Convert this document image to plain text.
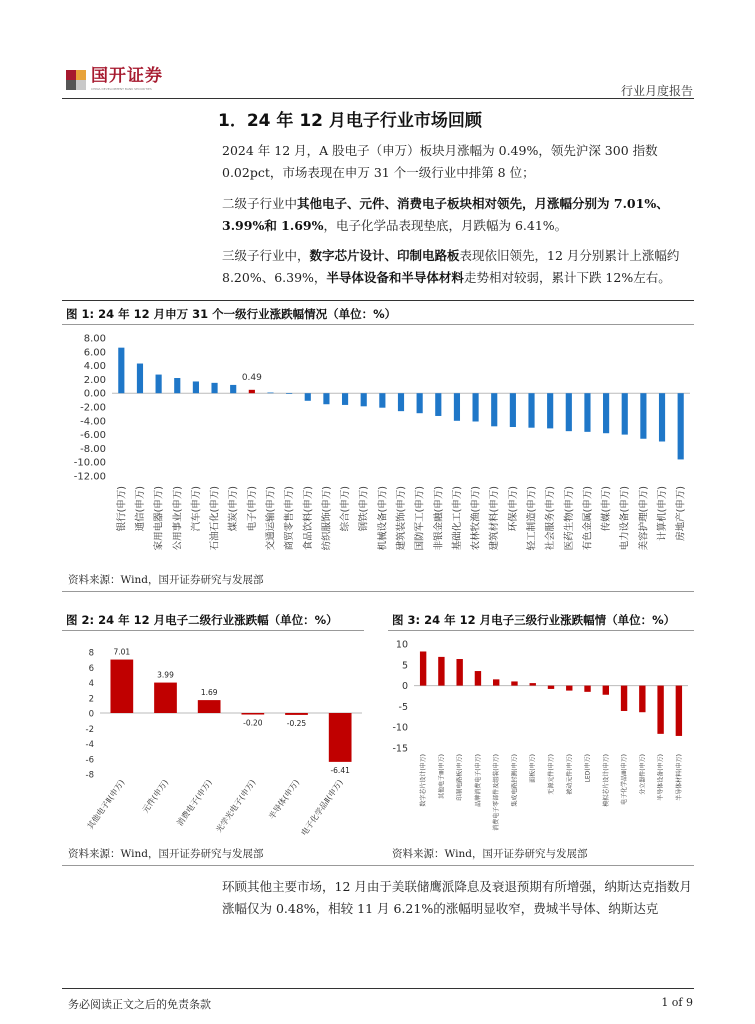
国开证券
CHINA DEVELOPMENT BANK SECURITIES	行业月度报告
1．24 年 12 月电子行业市场回顾
2024 年 12 月，A 股电子（申万）板块月涨幅为 0.49%，领先沪深 300 指数 0.02pct，市场表现在申万 31 个一级行业中排第 8 位；
二级子行业中其他电子、元件、消费电子板块相对领先，月涨幅分别为 7.01%、3.99%和 1.69%，电子化学品表现垫底，月跌幅为 6.41%。
三级子行业中，数字芯片设计、印制电路板表现依旧领先，12 月分别累计上涨幅约 8.20%、6.39%，半导体设备和半导体材料走势相对较弱，累计下跌 12%左右。
图 1: 24 年 12 月申万 31 个一级行业涨跌幅情况（单位：%）
8.00
6.00
4.00
2.00
0.00
-2.00
-4.00
-6.00
-8.00
-10.00
-12.00
银行(申万) 通信(申万) 家用电器(申万) 公用事业(申万) 汽车(申万) 石油石化(申万) 煤炭(申万)
0.49
电子(申万) 交通运输(申万) 商贸零售(申万) 食品饮料(申万) 纺织服饰(申万) 综合(申万) 钢铁(申万) 机械设备(申万) 建筑装饰(申万) 国防军工(申万) 非银金融(申万) 基础化工(申万) 农林牧渔(申万) 建筑材料(申万) 环保(申万) 轻工制造(申万) 社会服务(申万) 医药生物(申万) 有色金属(申万) 传媒(申万) 电力设备(申万) 美容护理(申万) 计算机(申万) 房地产(申万)
资料来源：Wind，国开证券研究与发展部
图 2: 24 年 12 月电子二级行业涨跌幅（单位：%）
8
6
4
2
0
-2
-4
-6
-8
7.01
其他电子Ⅱ(申万)
3.99
元件(申万)
1.69
消费电子(申万)
-0.20
光学光电子(申万)
-0.25
半导体(申万)
-6.41
电子化学品Ⅱ(申万)
资料来源：Wind，国开证券研究与发展部
图 3: 24 年 12 月电子三级行业涨跌幅情（单位：%）
10
5
0
-5
-10
-15
数字芯片设计(申万) 其他电子Ⅲ(申万) 印制电路板(申万) 品牌消费电子(申万) 消费电子零部件及组装(申万) 集成电路封测(申万) 面板(申万) 无源元件(申万) 被动元件(申万) LED(申万) 模拟芯片设计(申万) 电子化学品Ⅲ(申万) 分立器件(申万) 半导体设备(申万) 半导体材料(申万)
资料来源：Wind，国开证券研究与发展部
环顾其他主要市场，12 月由于美联储鹰派降息及衰退预期有所增强，纳斯达克指数月涨幅仅为 0.48%，相较 11 月 6.21%的涨幅明显收窄，费城半导体、纳斯达克
务必阅读正文之后的免责条款	1 of 9
